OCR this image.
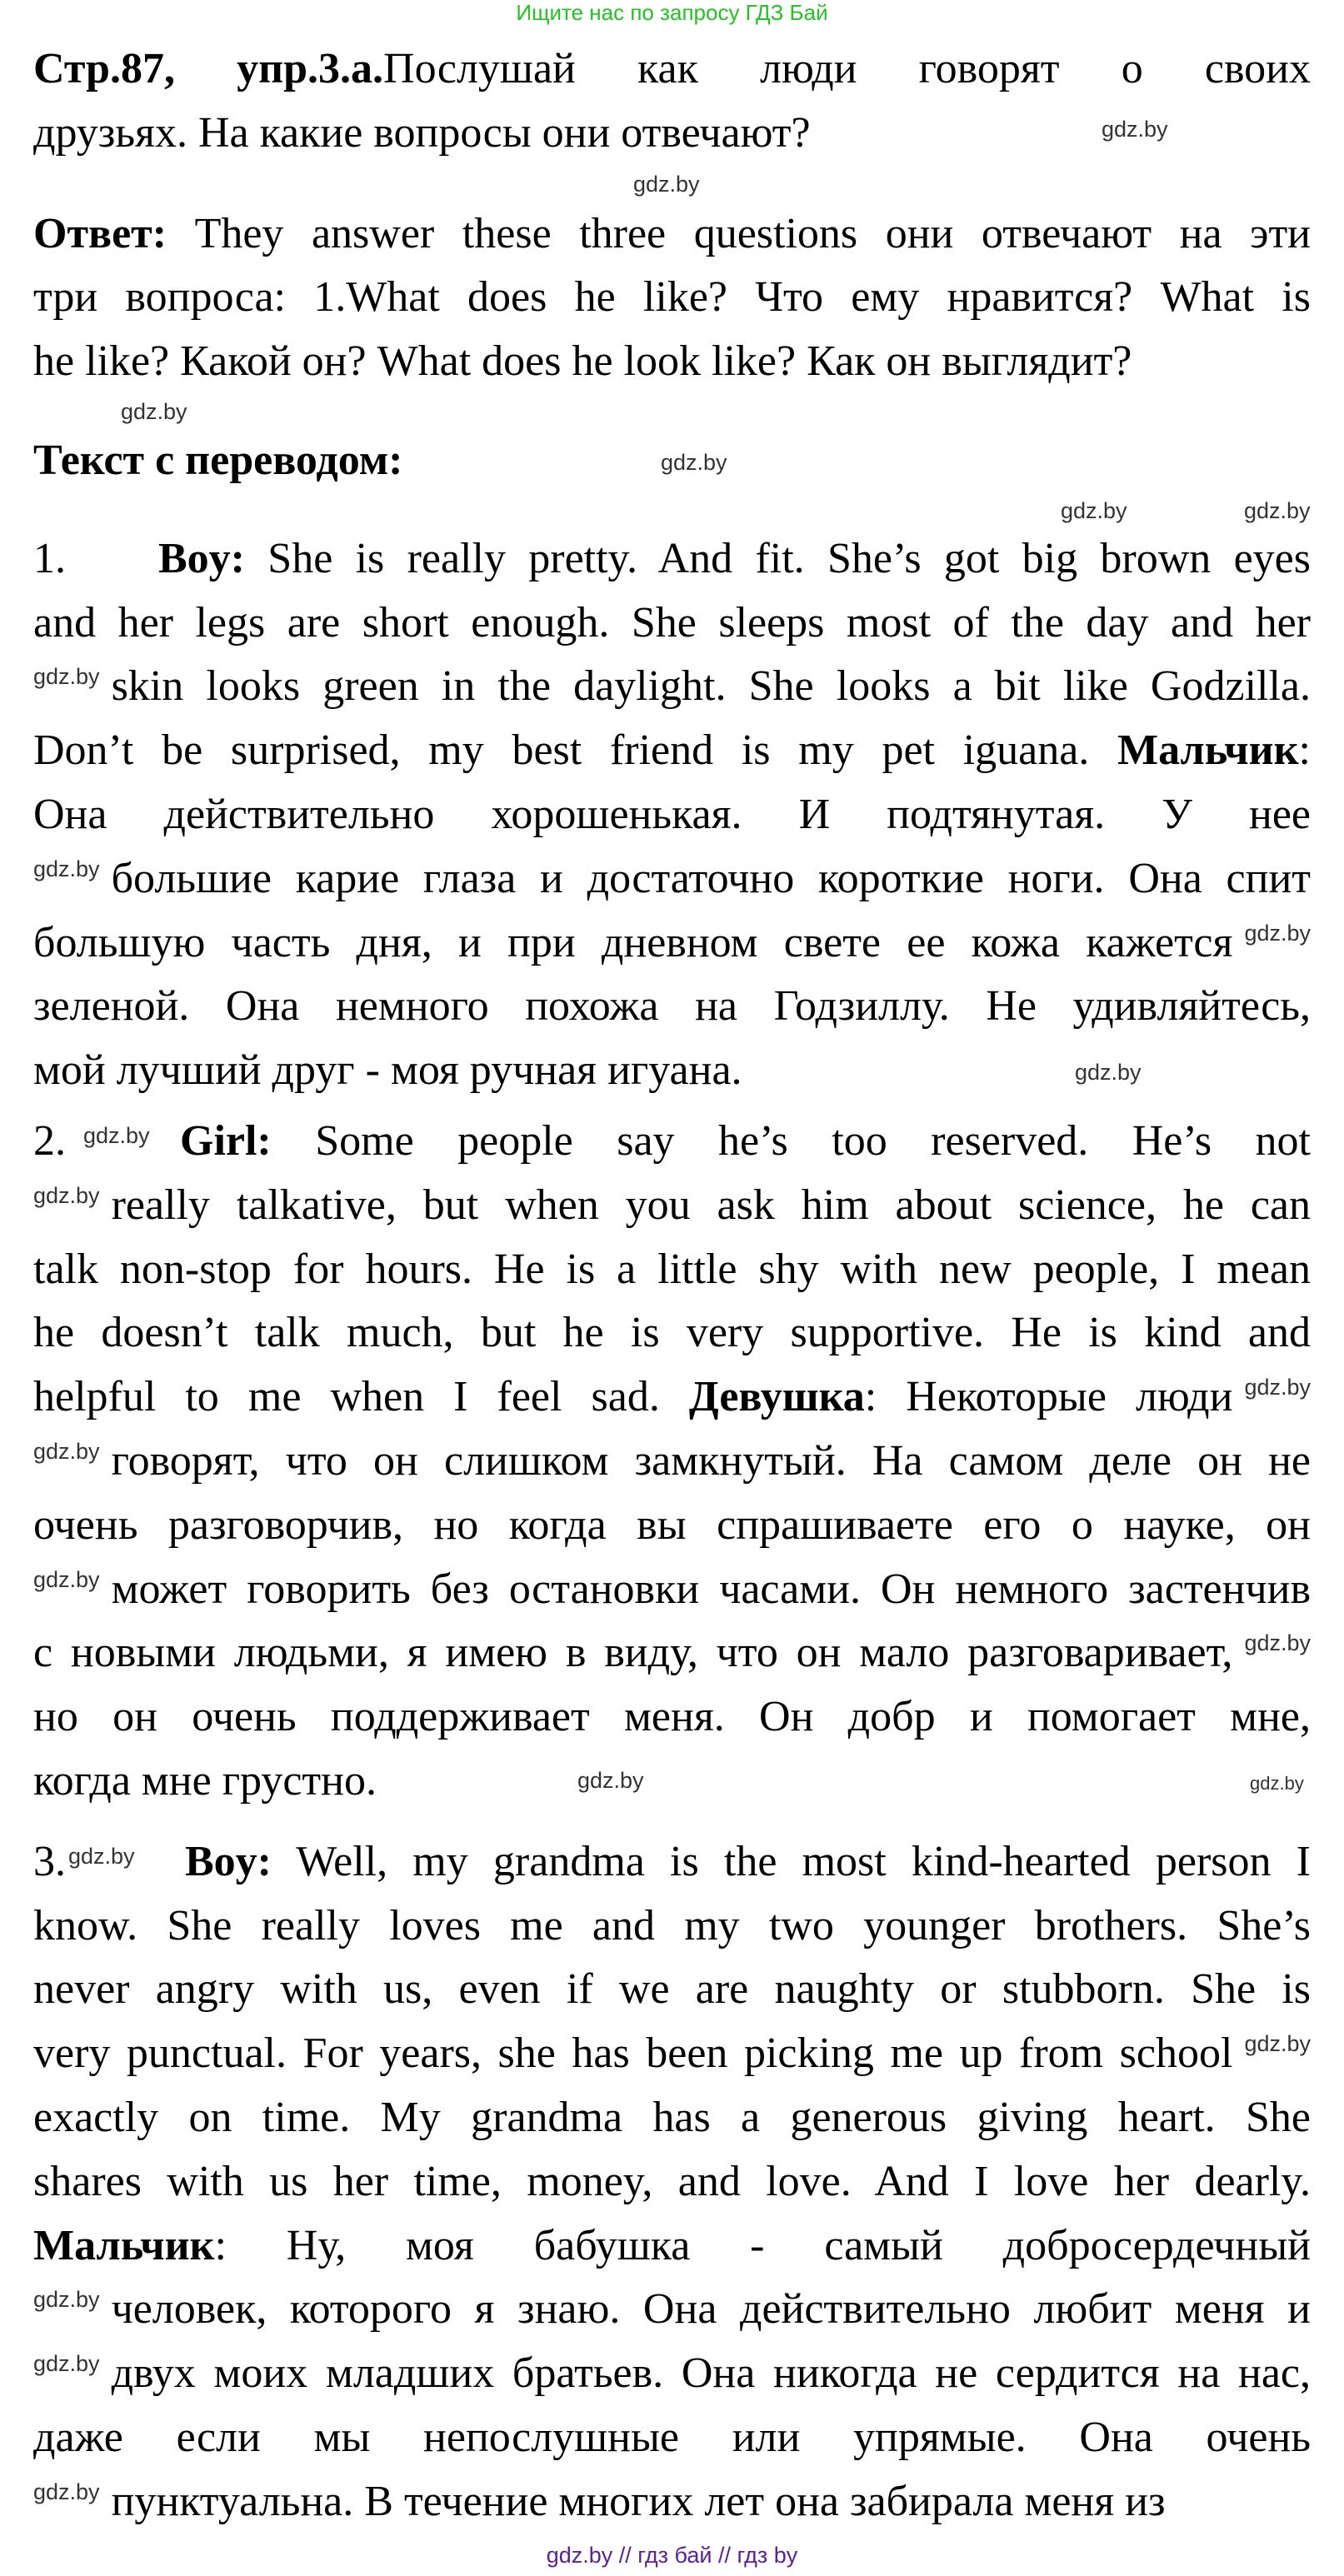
Ищите нас по запросу ГДЗ Бай
Стр.87, упр.3.а.Послушай как люди говорят о своих
друзьях. На какие вопросы они отвечают?
Ответ: They answer these three questions они отвечают на эти
три вопроса: 1.What does he like? Что ему нравится? What is
he like? Какой он? What does he look like? Как он выглядит?
Текст с переводом:
1. Boy: She is really pretty. And fit. She’s got big brown eyes
and her legs are short enough. She sleeps most of the day and her
$^{gdz.by}$ skin looks green in the daylight. She looks a bit like Godzilla.
Don’t be surprised, my best friend is my pet iguana. Мальчик:
Она действительно хорошенькая. И подтянутая. У нее
$^{gdz.by}$ большие карие глаза и достаточно короткие ноги. Она спит
большую часть дня, и при дневном свете ее кожа кажется $^{gdz.by}$
зеленой. Она немного похожа на Годзиллу. Не удивляйтесь,
мой лучший друг - моя ручная игуана.
2. gdz.by Girl: Some people say he’s too reserved. He’s not
$^{gdz.by}$ really talkative, but when you ask him about science, he can
talk non-stop for hours. He is a little shy with new people, I mean
he doesn’t talk much, but he is very supportive. He is kind and
helpful to me when I feel sad. Девушка: Некоторые люди $^{gdz.by}$
$^{gdz.by}$ говорят, что он слишком замкнутый. На самом деле он не
очень разговорчив, но когда вы спрашиваете его о науке, он
$^{gdz.by}$ может говорить без остановки часами. Он немного застенчив
с новыми людьми, я имею в виду, что он мало разговаривает, $^{gdz.by}$
но он очень поддерживает меня. Он добр и помогает мне,
когда мне грустно.
3. gdz.by Boy: Well, my grandma is the most kind-hearted person I
know. She really loves me and my two younger brothers. She’s
never angry with us, even if we are naughty or stubborn. She is
very punctual. For years, she has been picking me up from school $^{gdz.by}$
exactly on time. My grandma has a generous giving heart. She
shares with us her time, money, and love. And I love her dearly.
Мальчик: Ну, моя бабушка - самый добросердечный
$^{gdz.by}$ человек, которого я знаю. Она действительно любит меня и
$^{gdz.by}$ двух моих младших братьев. Она никогда не сердится на нас,
даже если мы непослушные или упрямые. Она очень
$^{gdz.by}$ пунктуальна. В течение многих лет она забирала меня из
gdz.by
gdz.by
gdz.by
gdz.by
gdz.by	gdz.by
gdz.by
gdz.by	gdz.by
gdz.by // гдз бай // гдз by
